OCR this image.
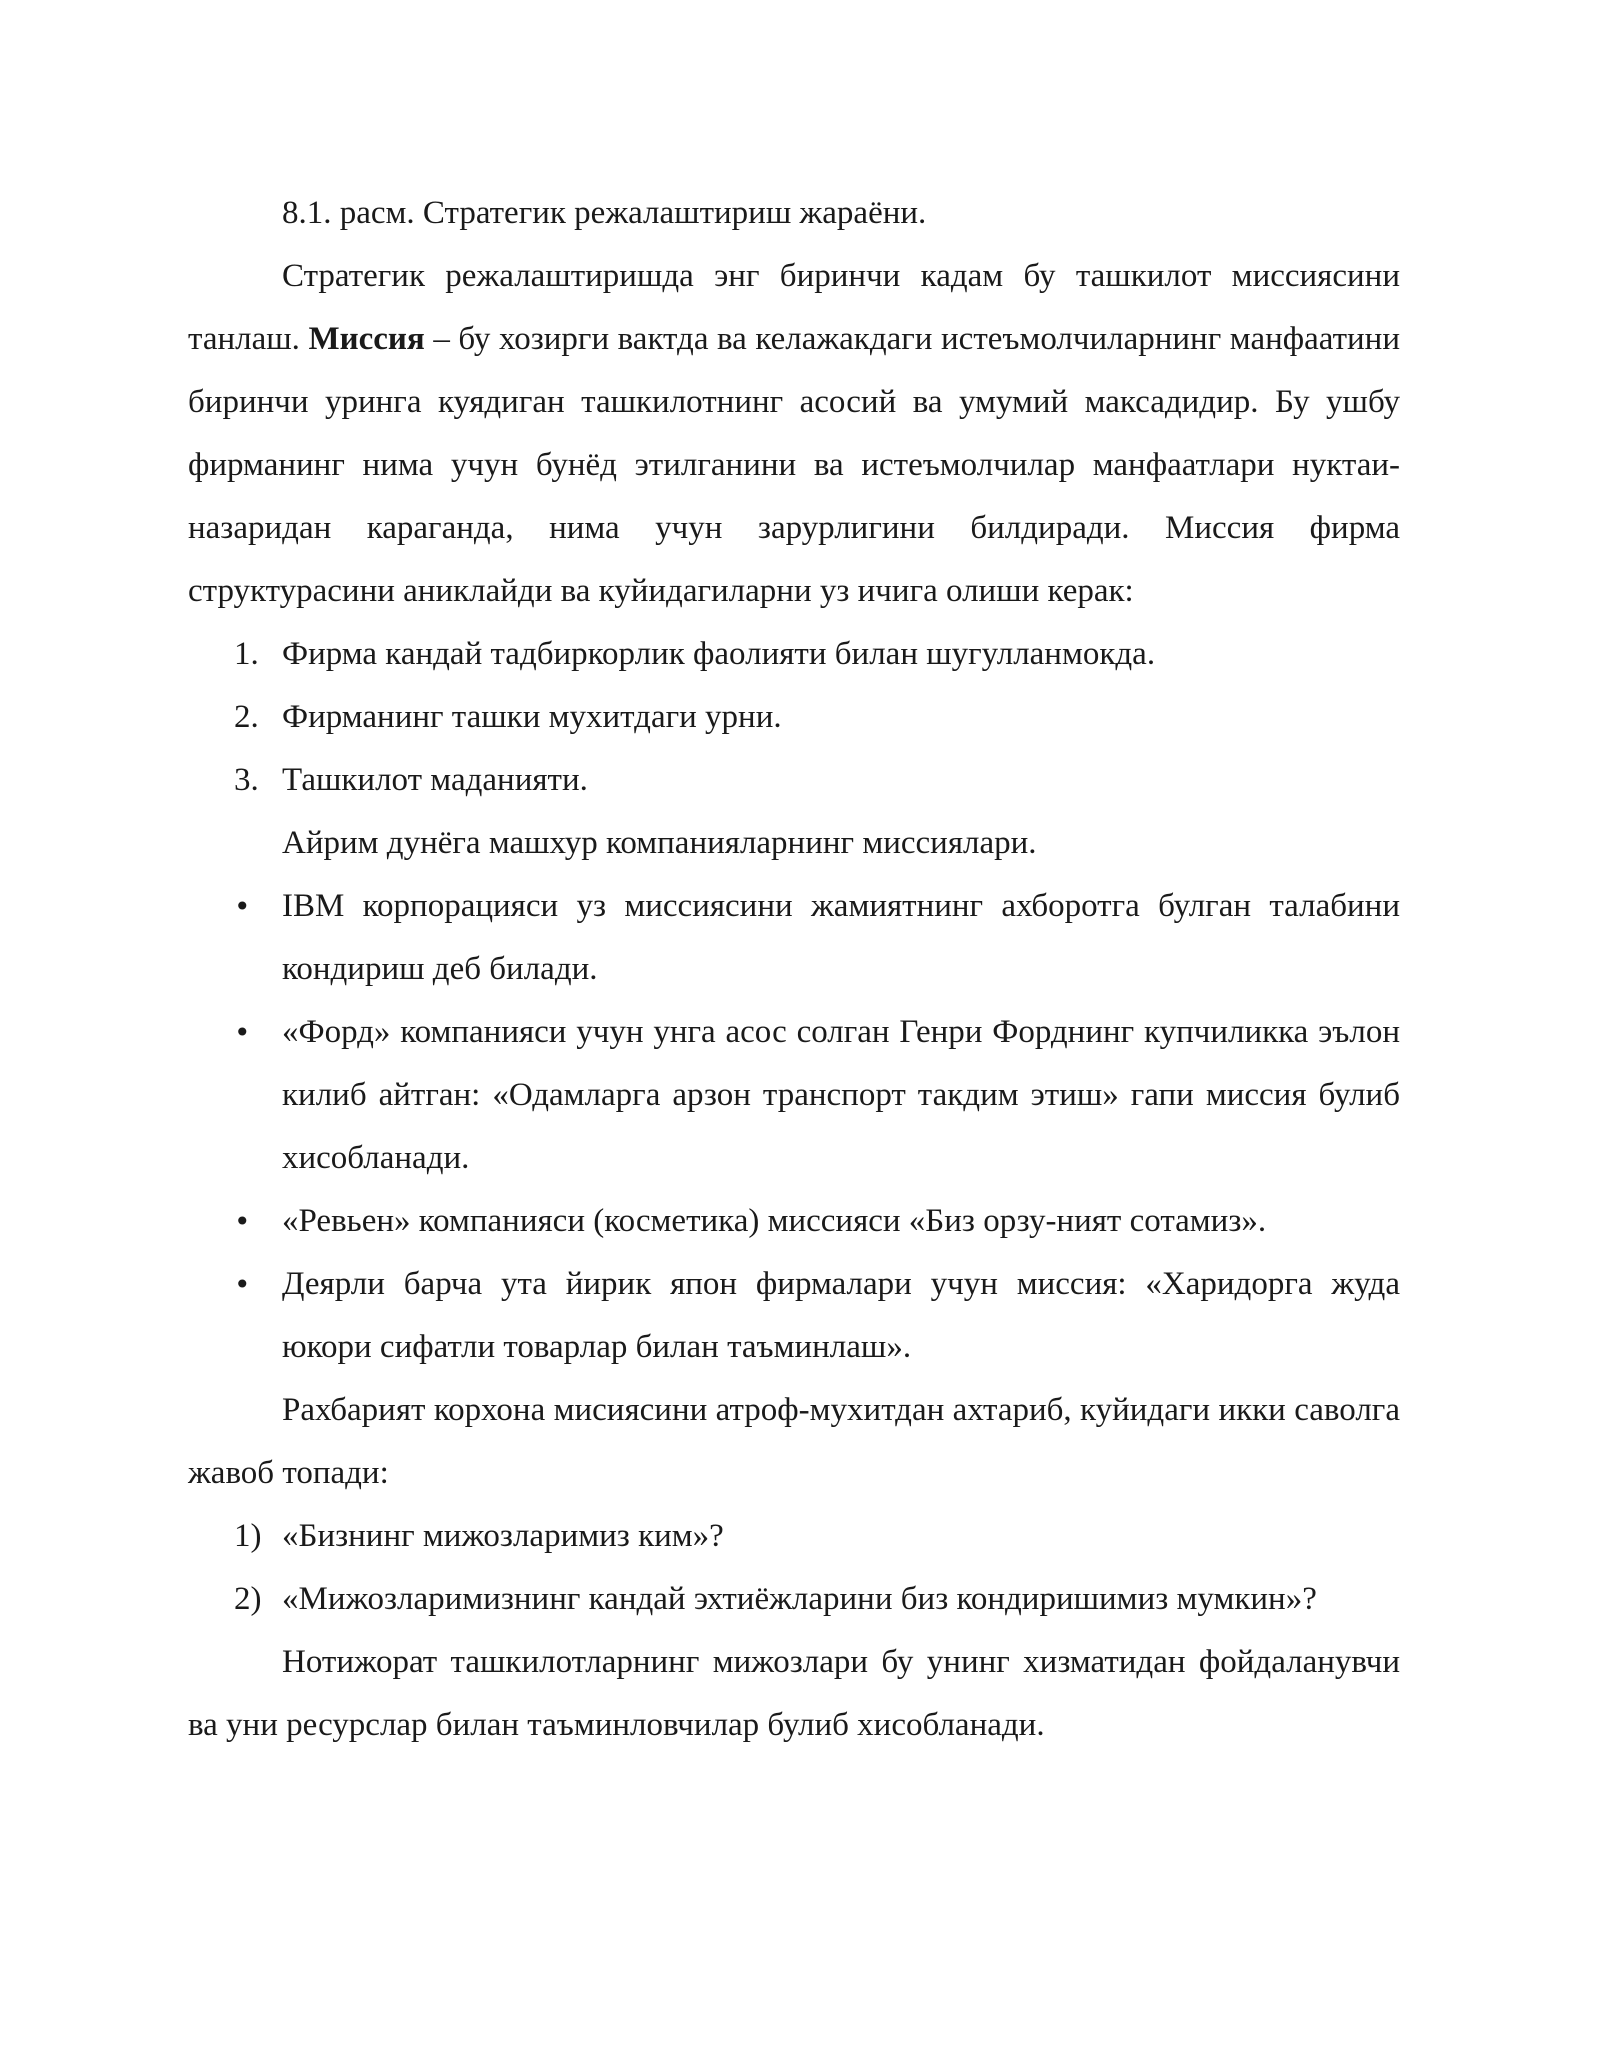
8.1. расм. Стратегик режалаштириш жараёни.

Стратегик режалаштиришда энг биринчи кадам бу ташкилот миссиясини танлаш. Миссия – бу хозирги вактда ва келажакдаги истеъмолчиларнинг манфаатини биринчи уринга куядиган ташкилотнинг асосий ва умумий максадидир. Бу ушбу фирманинг нима учун бунёд этилганини ва истеъмолчилар манфаатлари нуктаи-назаридан караганда, нима учун зарурлигини билдиради. Миссия фирма структурасини аниклайди ва куйидагиларни уз ичига олиши керак:

1. Фирма кандай тадбиркорлик фаолияти билан шугулланмокда.

2. Фирманинг ташки мухитдаги урни.

3. Ташкилот маданияти.

Айрим дунёга машхур компанияларнинг миссиялари.

• IBM корпорацияси уз миссиясини жамиятнинг ахборотга булган талабини кондириш деб билади.

• «Форд» компанияси учун унга асос солган Генри Форднинг купчиликка эълон килиб айтган: «Одамларга арзон транспорт такдим этиш» гапи миссия булиб хисобланади.

• «Ревьен» компанияси (косметика) миссияси «Биз орзу-ният сотамиз».

• Деярли барча ута йирик япон фирмалари учун миссия: «Харидорга жуда юкори сифатли товарлар билан таъминлаш».

Рахбарият корхона мисиясини атроф-мухитдан ахтариб, куйидаги икки саволга жавоб топади:

1) «Бизнинг мижозларимиз ким»?

2) «Мижозларимизнинг кандай эхтиёжларини биз кондиришимиз мумкин»?

Нотижорат ташкилотларнинг мижозлари бу унинг хизматидан фойдаланувчи ва уни ресурслар билан таъминловчилар булиб хисобланади.
